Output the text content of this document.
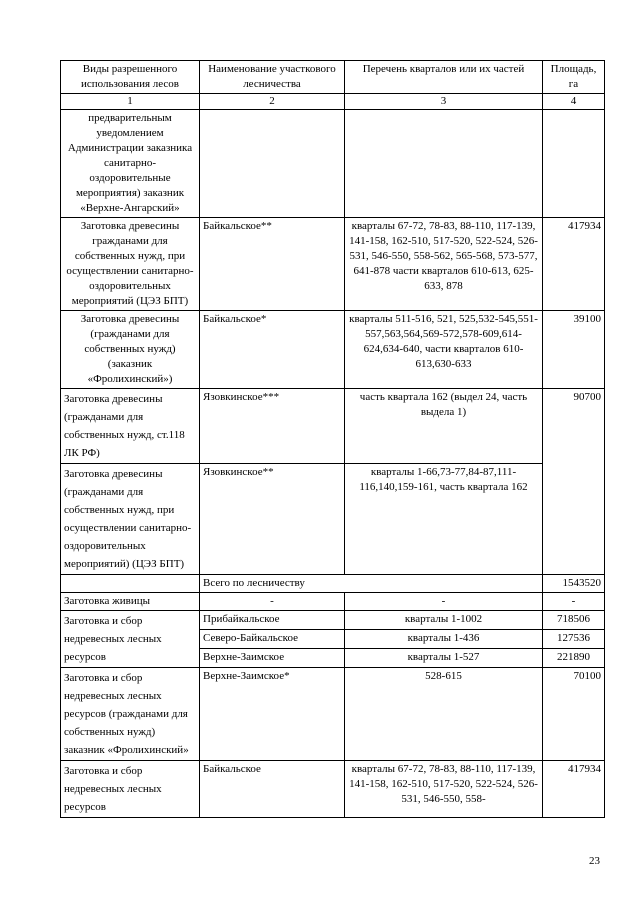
Виды разрешенного использования лесов	Наименование участкового лесничества	Перечень кварталов или их частей	Площадь, га
1	2	3	4
предварительным уведомлением Администрации заказника санитарно-оздоровительные мероприятия) заказник «Верхне-Ангарский»			
Заготовка древесины гражданами для собственных нужд, при осуществлении санитарно-оздоровительных мероприятий (ЦЭЗ БПТ)	Байкальское**	кварталы 67-72, 78-83, 88-110, 117-139, 141-158, 162-510, 517-520, 522-524, 526-531, 546-550, 558-562, 565-568, 573-577, 641-878 части кварталов 610-613, 625-633, 878	417934
Заготовка древесины (гражданами для собственных нужд) (заказник «Фролихинский»)	Байкальское*	кварталы 511-516, 521, 525,532-545,551-557,563,564,569-572,578-609,614-624,634-640, части кварталов 610-613,630-633	39100
Заготовка древесины (гражданами для собственных нужд, ст.118 ЛК РФ)	Язовкинское***	часть квартала 162 (выдел 24, часть выдела 1)	90700
Заготовка древесины (гражданами для собственных нужд, при осуществлении санитарно-оздоровительных мероприятий) (ЦЭЗ БПТ)	Язовкинское**	кварталы 1-66,73-77,84-87,111-116,140,159-161, часть квартала 162	
	Всего по лесничеству		1543520
Заготовка живицы	-	-	-
Заготовка и сбор недревесных лесных ресурсов	Прибайкальское	кварталы 1-1002	718506
	Северо-Байкальское	кварталы 1-436	127536
	Верхне-Заимское	кварталы 1-527	221890
Заготовка и сбор недревесных лесных ресурсов (гражданами для собственных нужд) заказник «Фролихинский»	Верхне-Заимское*	528-615	70100
Заготовка и сбор недревесных лесных ресурсов	Байкальское	кварталы 67-72, 78-83, 88-110, 117-139, 141-158, 162-510, 517-520, 522-524, 526-531, 546-550, 558-	417934
23
